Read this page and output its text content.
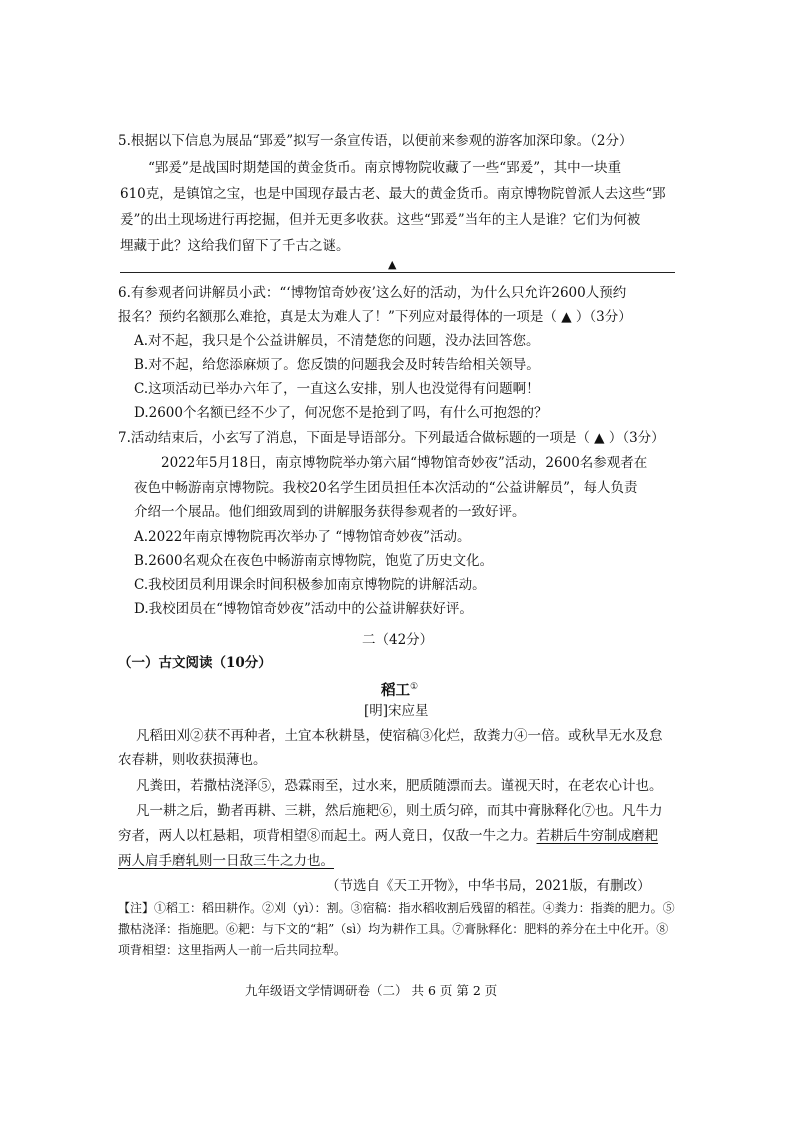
5.根据以下信息为展品“郢爰”拟写一条宣传语，以便前来参观的游客加深印象。（2分）
“郢爰”是战国时期楚国的黄金货币。南京博物院收藏了一些“郢爰”，其中一块重
610克，是镇馆之宝，也是中国现存最古老、最大的黄金货币。南京博物院曾派人去这些“郢
爰”的出土现场进行再挖掘，但并无更多收获。这些“郢爰”当年的主人是谁？它们为何被
埋藏于此？这给我们留下了千古之谜。
▲
6.有参观者问讲解员小武：“‘博物馆奇妙夜’这么好的活动，为什么只允许2600人预约
报名？预约名额那么难抢，真是太为难人了！”下列应对最得体的一项是（ ▲ ）（3分）
A.对不起，我只是个公益讲解员，不清楚您的问题，没办法回答您。
B.对不起，给您添麻烦了。您反馈的问题我会及时转告给相关领导。
C.这项活动已举办六年了，一直这么安排，别人也没觉得有问题啊！
D.2600个名额已经不少了，何况您不是抢到了吗，有什么可抱怨的？
7.活动结束后，小玄写了消息，下面是导语部分。下列最适合做标题的一项是（ ▲ ）（3分）
2022年5月18日，南京博物院举办第六届“博物馆奇妙夜”活动，2600名参观者在
夜色中畅游南京博物院。我校20名学生团员担任本次活动的“公益讲解员”，每人负责
介绍一个展品。他们细致周到的讲解服务获得参观者的一致好评。
A.2022年南京博物院再次举办了 “博物馆奇妙夜”活动。
B.2600名观众在夜色中畅游南京博物院，饱览了历史文化。
C.我校团员利用课余时间积极参加南京博物院的讲解活动。
D.我校团员在“博物馆奇妙夜”活动中的公益讲解获好评。
二（42分）
（一）古文阅读（10分）
稻工①
[明]宋应星
凡稻田刈②获不再种者，土宜本秋耕垦，使宿稿③化烂，敌粪力④一倍。或秋旱无水及怠
农春耕，则收获损薄也。
凡粪田，若撒枯浇泽⑤，恐霖雨至，过水来，肥质随漂而去。谨视天时，在老农心计也。
凡一耕之后，勤者再耕、三耕，然后施耙⑥，则土质匀碎，而其中膏脉释化⑦也。凡牛力
穷者，两人以杠悬耜，项背相望⑧而起土。两人竟日，仅敌一牛之力。若耕后牛穷制成磨耙
两人肩手磨轧则一日敌三牛之力也。
（节选自《天工开物》，中华书局，2021版，有删改）
【注】①稻工：稻田耕作。②刈（yì）：割。③宿稿：指水稻收割后残留的稻茬。④粪力：指粪的肥力。⑤
撒枯浇泽：指施肥。⑥耙：与下文的“耜”（sì）均为耕作工具。⑦膏脉释化：肥料的养分在土中化开。⑧
项背相望：这里指两人一前一后共同拉犁。
九年级语文学情调研卷（二） 共 6 页 第 2 页
